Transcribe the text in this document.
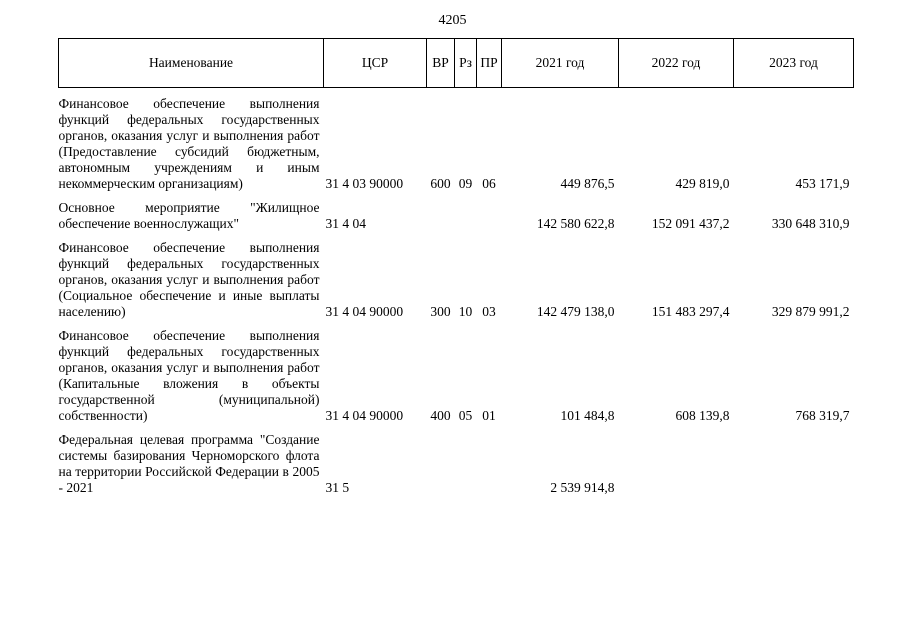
4205
Наименование	ЦСР	ВР	Рз	ПР	2021 год	2022 год	2023 год

Финансовое обеспечение выполнения функций федеральных государственных органов, оказания услуг и выполнения работ (Предоставление субсидий бюджетным, автономным учреждениям и иным некоммерческим организациям)	31 4 03 90000	600	09	06	449 876,5	429 819,0	453 171,9

Основное мероприятие "Жилищное обеспечение военнослужащих"	31 4 04				142 580 622,8	152 091 437,2	330 648 310,9

Финансовое обеспечение выполнения функций федеральных государственных органов, оказания услуг и выполнения работ (Социальное обеспечение и иные выплаты населению)	31 4 04 90000	300	10	03	142 479 138,0	151 483 297,4	329 879 991,2

Финансовое обеспечение выполнения функций федеральных государственных органов, оказания услуг и выполнения работ (Капитальные вложения в объекты государственной (муниципальной) собственности)	31 4 04 90000	400	05	01	101 484,8	608 139,8	768 319,7

Федеральная целевая программа "Создание системы базирования Черноморского флота на территории Российской Федерации в 2005 - 2021	31 5				2 539 914,8		
